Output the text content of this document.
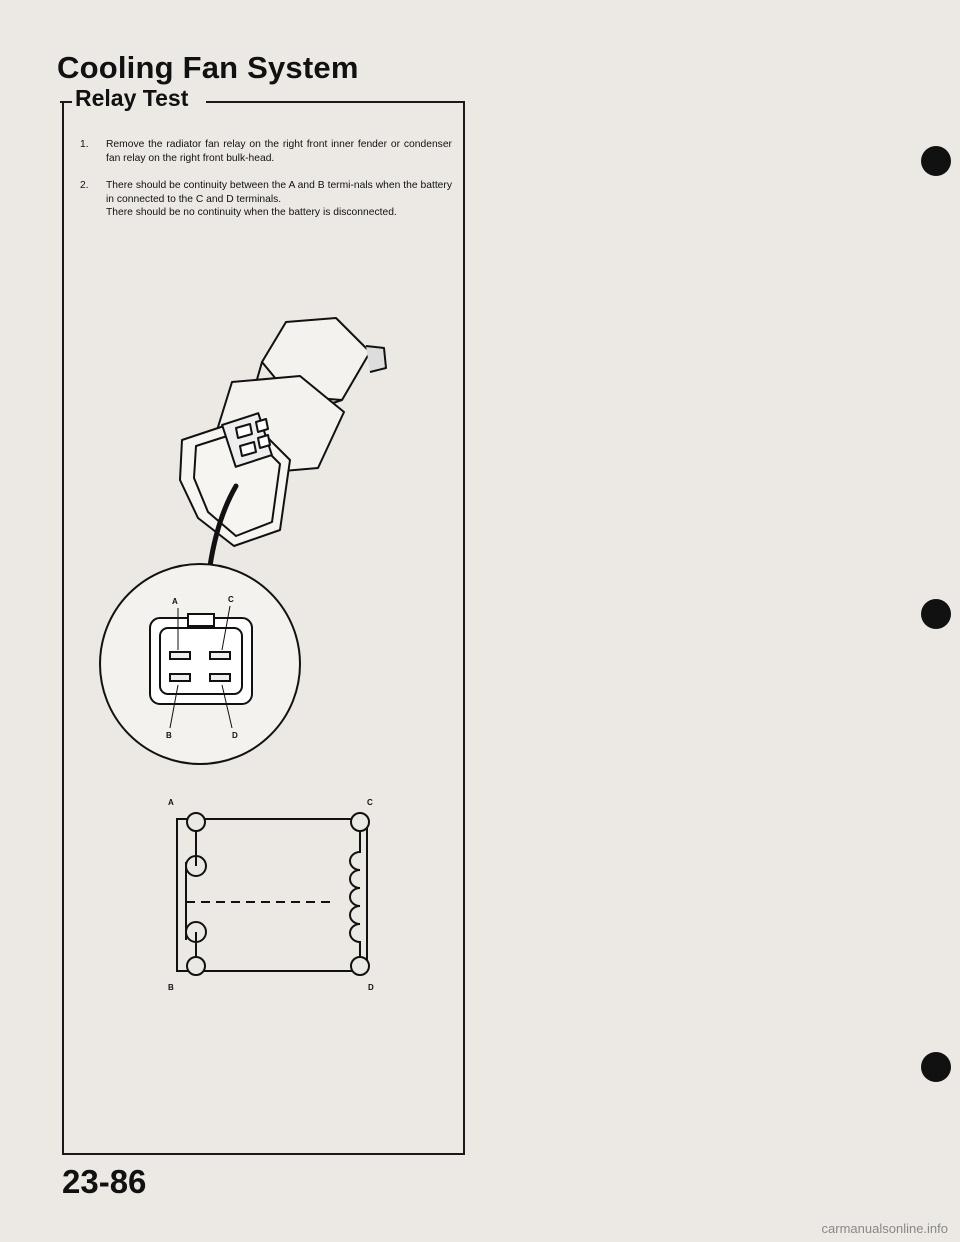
Cooling Fan System
Relay Test
1.	Remove the radiator fan relay on the right front inner fender or condenser fan relay on the right front bulk-head.

2.	There should be continuity between the A and B termi-nals when the battery in connected to the C and D terminals.

There should be no continuity when the battery is disconnected.

A	C
B	D
A	C
B	D
23-86
carmanualsonline.info
